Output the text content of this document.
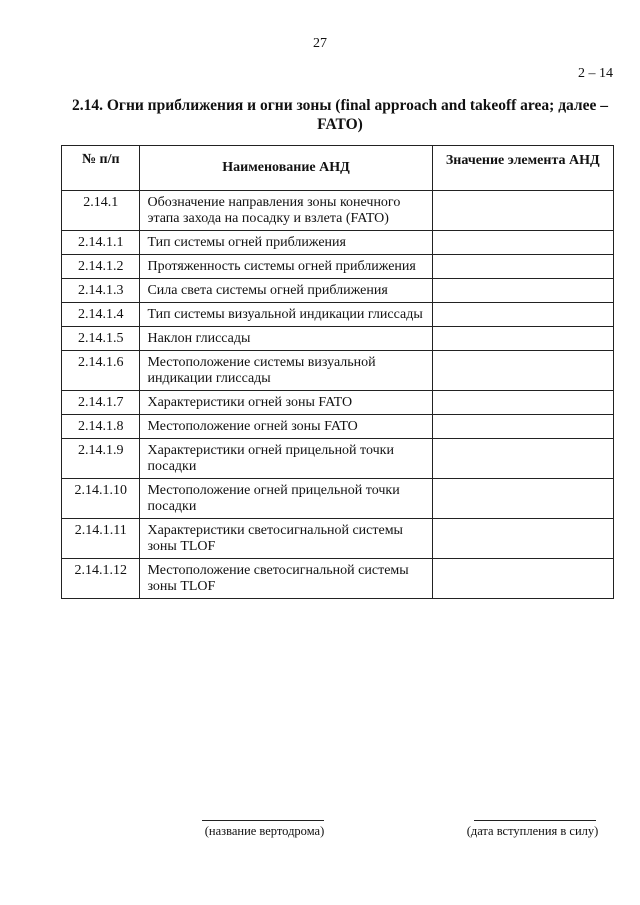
27
2 – 14
2.14. Огни приближения и огни зоны (final approach and takeoff area; далее – FATO)
№ п/п	Наименование АНД	Значение элемента АНД
2.14.1	Обозначение направления зоны конечного этапа захода на посадку и взлета (FATO)	
2.14.1.1	Тип системы огней приближения	
2.14.1.2	Протяженность системы огней приближения	
2.14.1.3	Сила света системы огней приближения	
2.14.1.4	Тип системы визуальной индикации глиссады	
2.14.1.5	Наклон глиссады	
2.14.1.6	Местоположение системы визуальной индикации глиссады	
2.14.1.7	Характеристики огней зоны FATO	
2.14.1.8	Местоположение огней зоны FATO	
2.14.1.9	Характеристики огней прицельной точки посадки	
2.14.1.10	Местоположение огней прицельной точки посадки	
2.14.1.11	Характеристики светосигнальной системы зоны TLOF	
2.14.1.12	Местоположение светосигнальной системы зоны TLOF	
(название вертодрома)	(дата вступления в силу)
